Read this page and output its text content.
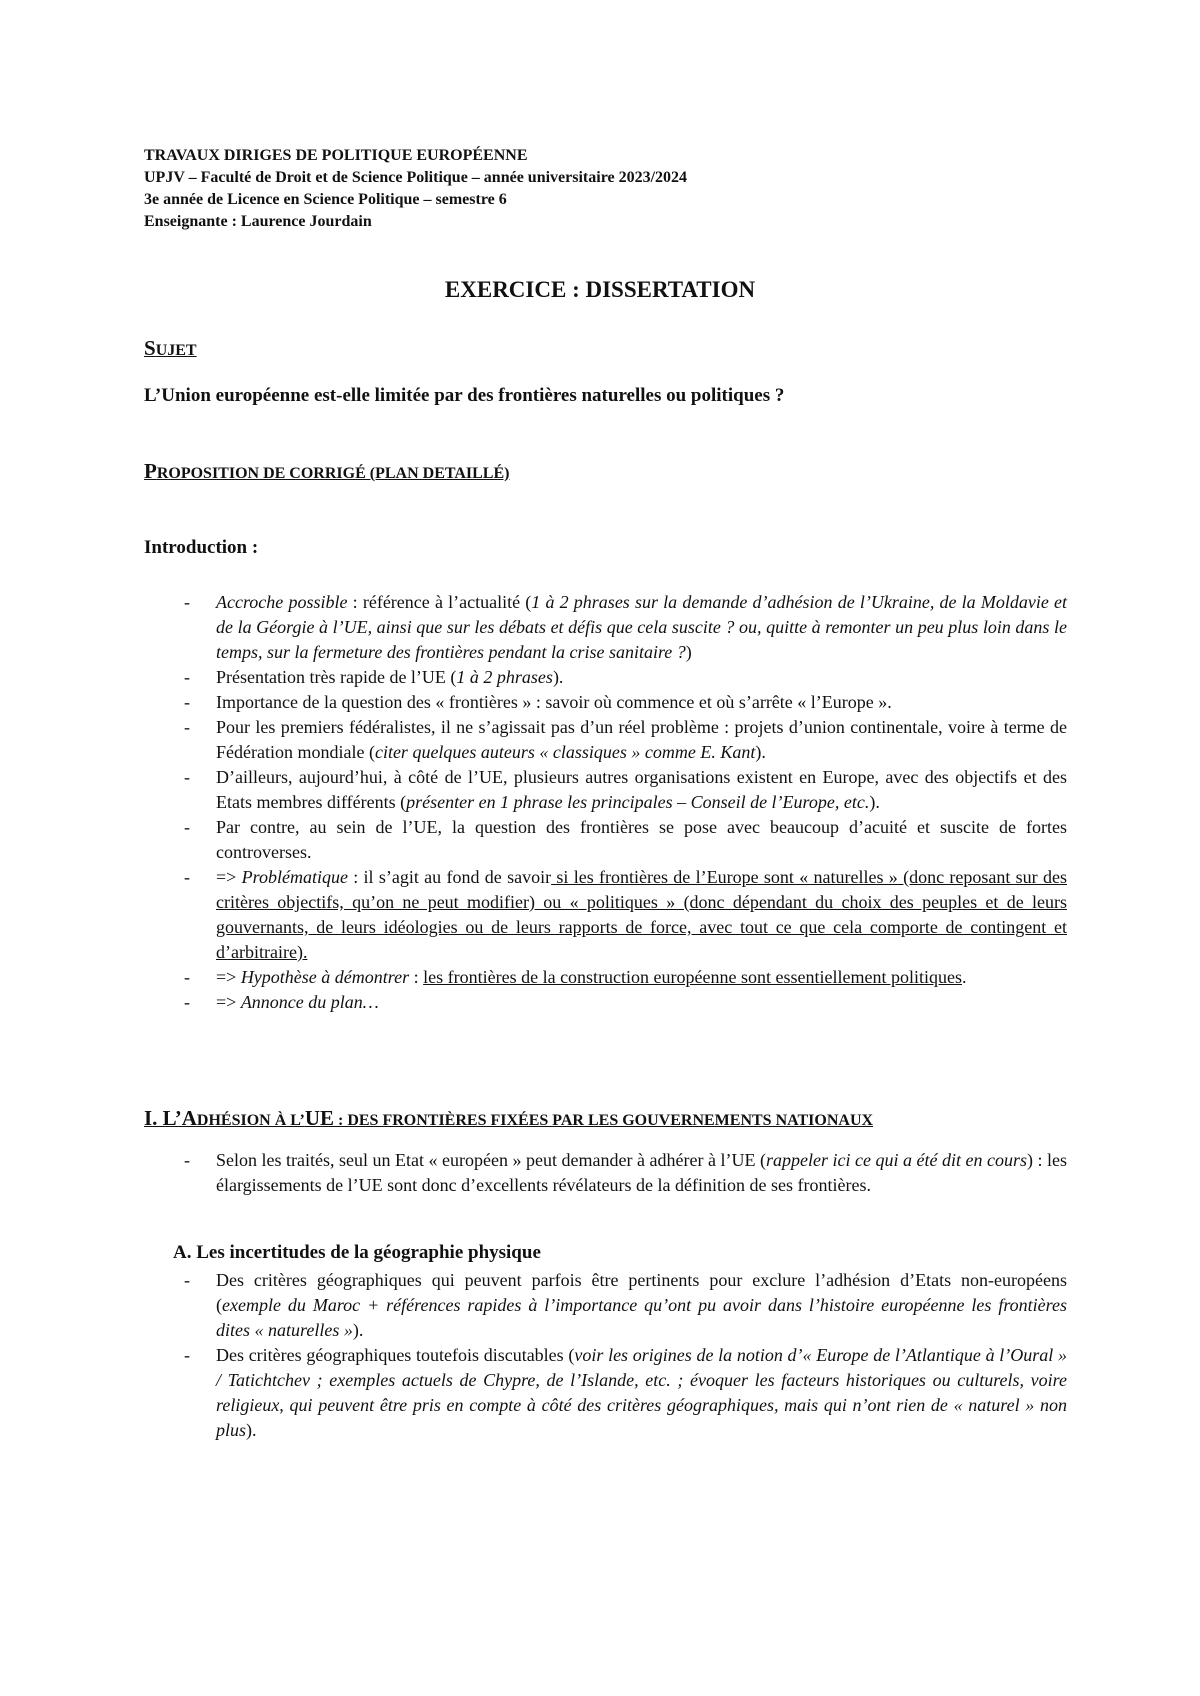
TRAVAUX DIRIGES DE POLITIQUE EUROPÉENNE
UPJV – Faculté de Droit et de Science Politique – année universitaire 2023/2024
3e année de Licence en Science Politique – semestre 6
Enseignante : Laurence Jourdain
EXERCICE : DISSERTATION
SUJET
L’Union européenne est-elle limitée par des frontières naturelles ou politiques ?
PROPOSITION DE CORRIGÉ (PLAN DETAILLÉ)
Introduction :
- Accroche possible : référence à l’actualité (1 à 2 phrases sur la demande d’adhésion de l’Ukraine, de la Moldavie et de la Géorgie à l’UE, ainsi que sur les débats et défis que cela suscite ? ou, quitte à remonter un peu plus loin dans le temps, sur la fermeture des frontières pendant la crise sanitaire ?)
- Présentation très rapide de l’UE (1 à 2 phrases).
- Importance de la question des « frontières » : savoir où commence et où s’arrête « l’Europe ».
- Pour les premiers fédéralistes, il ne s’agissait pas d’un réel problème : projets d’union continentale, voire à terme de Fédération mondiale (citer quelques auteurs « classiques » comme E. Kant).
- D’ailleurs, aujourd’hui, à côté de l’UE, plusieurs autres organisations existent en Europe, avec des objectifs et des Etats membres différents (présenter en 1 phrase les principales – Conseil de l’Europe, etc.).
- Par contre, au sein de l’UE, la question des frontières se pose avec beaucoup d’acuité et suscite de fortes controverses.
- => Problématique : il s’agit au fond de savoir si les frontières de l’Europe sont « naturelles » (donc reposant sur des critères objectifs, qu’on ne peut modifier) ou « politiques » (donc dépendant du choix des peuples et de leurs gouvernants, de leurs idéologies ou de leurs rapports de force, avec tout ce que cela comporte de contingent et d’arbitraire).
- => Hypothèse à démontrer : les frontières de la construction européenne sont essentiellement politiques.
- => Annonce du plan…
I. L’ADHÉSION À L’UE : DES FRONTIÈRES FIXÉES PAR LES GOUVERNEMENTS NATIONAUX
- Selon les traités, seul un Etat « européen » peut demander à adhérer à l’UE (rappeler ici ce qui a été dit en cours) : les élargissements de l’UE sont donc d’excellents révélateurs de la définition de ses frontières.
A. Les incertitudes de la géographie physique
- Des critères géographiques qui peuvent parfois être pertinents pour exclure l’adhésion d’Etats non-européens (exemple du Maroc + références rapides à l’importance qu’ont pu avoir dans l’histoire européenne les frontières dites « naturelles »).
- Des critères géographiques toutefois discutables (voir les origines de la notion d’« Europe de l’Atlantique à l’Oural » / Tatichtchev ; exemples actuels de Chypre, de l’Islande, etc. ; évoquer les facteurs historiques ou culturels, voire religieux, qui peuvent être pris en compte à côté des critères géographiques, mais qui n’ont rien de « naturel » non plus).
